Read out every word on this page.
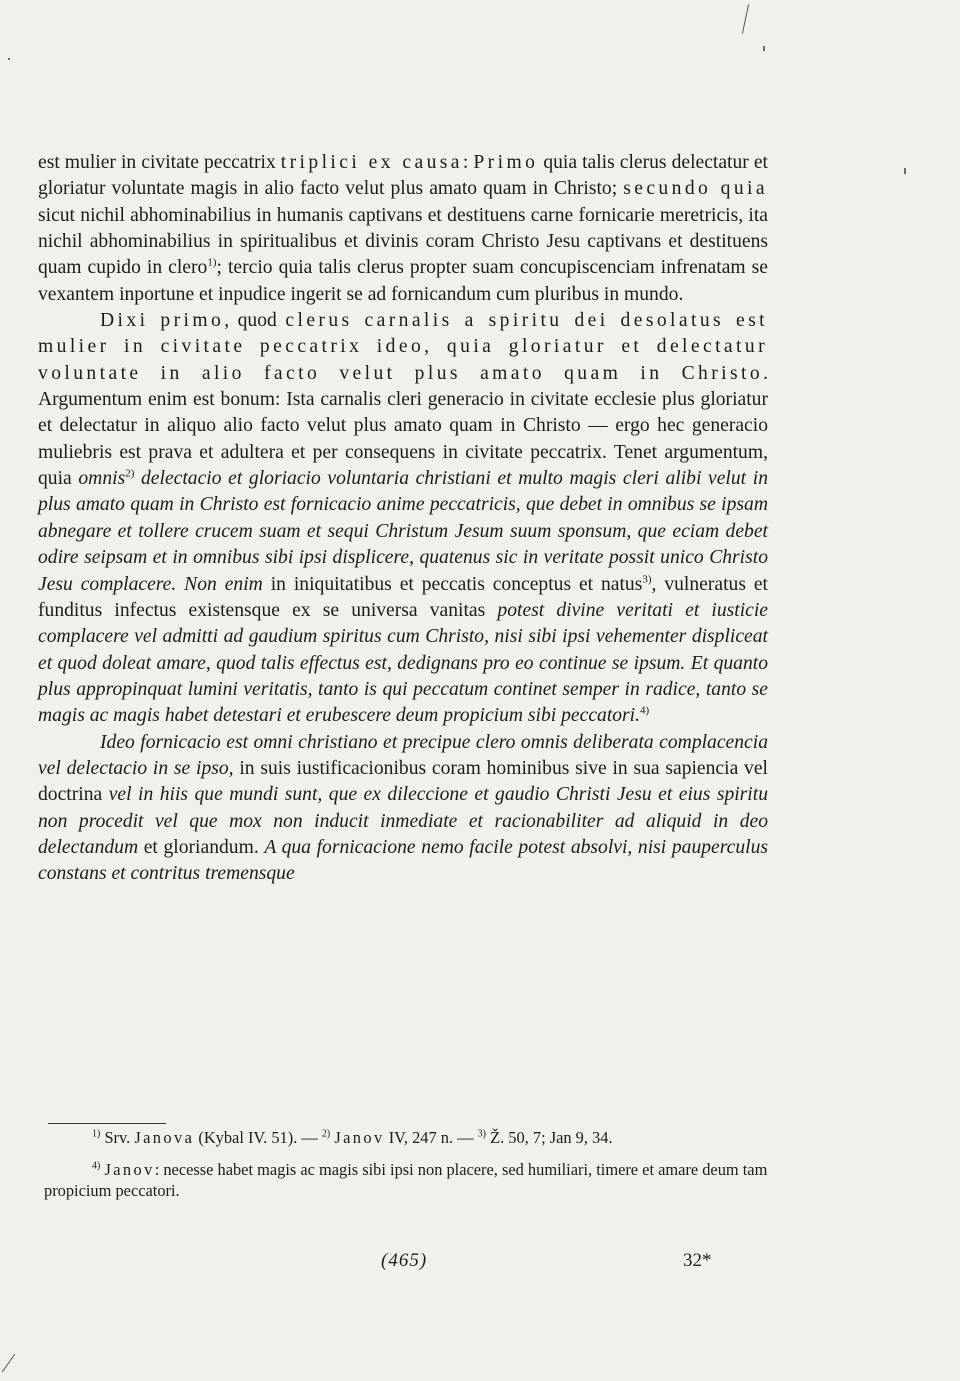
est mulier in civitate peccatrix triplici ex causa: Primo quia talis clerus delectatur et gloriatur voluntate magis in alio facto velut plus amato quam in Christo; secundo quia sicut nichil abhominabilius in humanis captivans et destituens carne fornicarie meretricis, ita nichil abhominabilius in spiritualibus et divinis coram Christo Jesu captivans et destituens quam cupido in clero$^{1)}$; tercio quia talis clerus propter suam concupiscenciam infrenatam se vexantem inportune et inpudice ingerit se ad fornicandum cum pluribus in mundo.

Dixi primo, quod clerus carnalis a spiritu dei desolatus est mulier in civitate peccatrix ideo, quia gloriatur et delectatur voluntate in alio facto velut plus amato quam in Christo. Argumentum enim est bonum: Ista carnalis cleri generacio in civitate ecclesie plus gloriatur et delectatur in aliquo alio facto velut plus amato quam in Christo — ergo hec generacio muliebris est prava et adultera et per consequens in civitate peccatrix. Tenet argumentum, quia omnis$^{2)}$ delectacio et gloriacio voluntaria christiani et multo magis cleri alibi velut in plus amato quam in Christo est fornicacio anime peccatricis, que debet in omnibus se ipsam abnegare et tollere crucem suam et sequi Christum Jesum suum sponsum, que eciam debet odire seipsam et in omnibus sibi ipsi displicere, quatenus sic in veritate possit unico Christo Jesu complacere. Non enim in iniquitatibus et peccatis conceptus et natus$^{3)}$, vulneratus et funditus infectus existensque ex se universa vanitas potest divine veritati et iusticie complacere vel admitti ad gaudium spiritus cum Christo, nisi sibi ipsi vehementer displiceat et quod doleat amare, quod talis effectus est, dedignans pro eo continue se ipsum. Et quanto plus appropinquat lumini veritatis, tanto is qui peccatum continet semper in radice, tanto se magis ac magis habet detestari et erubescere deum propicium sibi peccatori.$^{4)}$

Ideo fornicacio est omni christiano et precipue clero omnis deliberata complacencia vel delectacio in se ipso, in suis iustificacionibus coram hominibus sive in sua sapiencia vel doctrina vel in hiis que mundi sunt, que ex dileccione et gaudio Christi Jesu et eius spiritu non procedit vel que mox non inducit inmediate et racionabiliter ad aliquid in deo delectandum et gloriandum. A qua fornicacione nemo facile potest absolvi, nisi pauperculus constans et contritus tremensque

$^{1)}$ Srv. Janova (Kybal IV. 51). — $^{2)}$ Janov IV, 247 n. — $^{3)}$ Ž. 50, 7; Jan 9, 34.

$^{4)}$ Janov: necesse habet magis ac magis sibi ipsi non placere, sed humiliari, timere et amare deum tam propicium peccatori.

(465)	32*
